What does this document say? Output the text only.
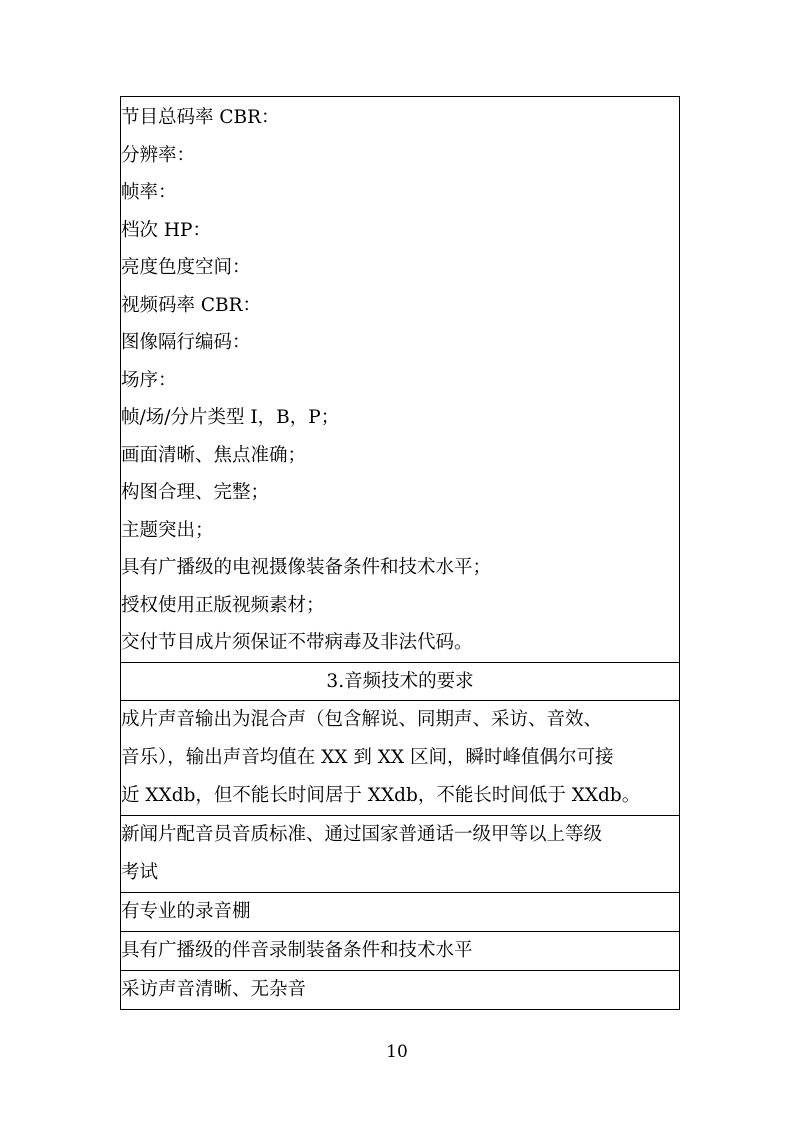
节目总码率 CBR：
分辨率：
帧率：
档次 HP：
亮度色度空间：
视频码率 CBR：
图像隔行编码：
场序：
帧/场/分片类型 I，B，P；
画面清晰、焦点准确；
构图合理、完整；
主题突出；
具有广播级的电视摄像装备条件和技术水平；
授权使用正版视频素材；
交付节目成片须保证不带病毒及非法代码。

3.音频技术的要求

成片声音输出为混合声（包含解说、同期声、采访、音效、
音乐），输出声音均值在 XX 到 XX 区间，瞬时峰值偶尔可接
近 XXdb，但不能长时间居于 XXdb，不能长时间低于 XXdb。

新闻片配音员音质标准、通过国家普通话一级甲等以上等级
考试

有专业的录音棚

具有广播级的伴音录制装备条件和技术水平

采访声音清晰、无杂音
10
